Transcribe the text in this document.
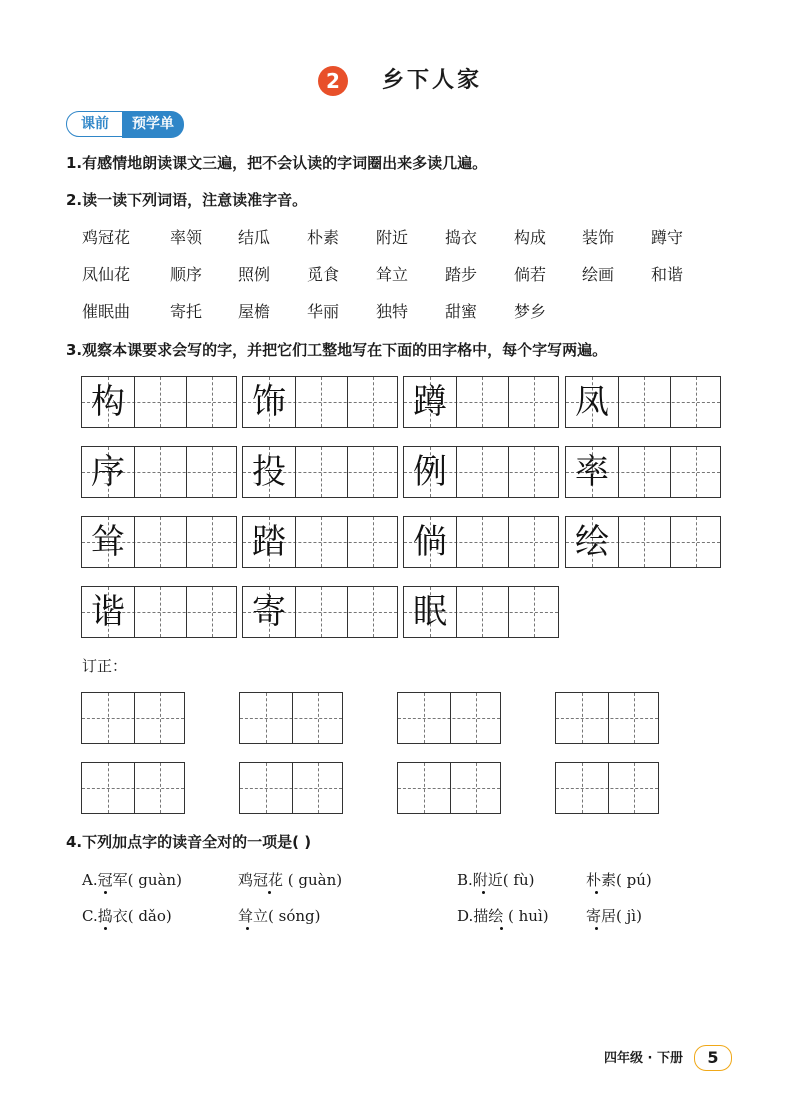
2	乡下人家
课前	预学单
1.有感情地朗读课文三遍，把不会认读的字词圈出来多读几遍。
2.读一读下列词语，注意读准字音。
鸡冠花 率领 结瓜 朴素 附近 捣衣 构成 装饰 蹲守
凤仙花 顺序 照例 觅食 耸立 踏步 倘若 绘画 和谐
催眠曲 寄托 屋檐 华丽 独特 甜蜜 梦乡
3.观察本课要求会写的字，并把它们工整地写在下面的田字格中，每个字写两遍。
构	饰	蹲	凤
序	投	例	率
耸	踏	倘	绘
谐	寄	眠
订正：
4.下列加点字的读音全对的一项是( )
A.冠军( guàn)	鸡冠花 ( guàn)	B.附近( fù)	朴素( pú)
C.捣衣( dǎo)	耸立( sóng)	D.描绘 ( huì) 寄居( jì)
四年级 · 下册	5
